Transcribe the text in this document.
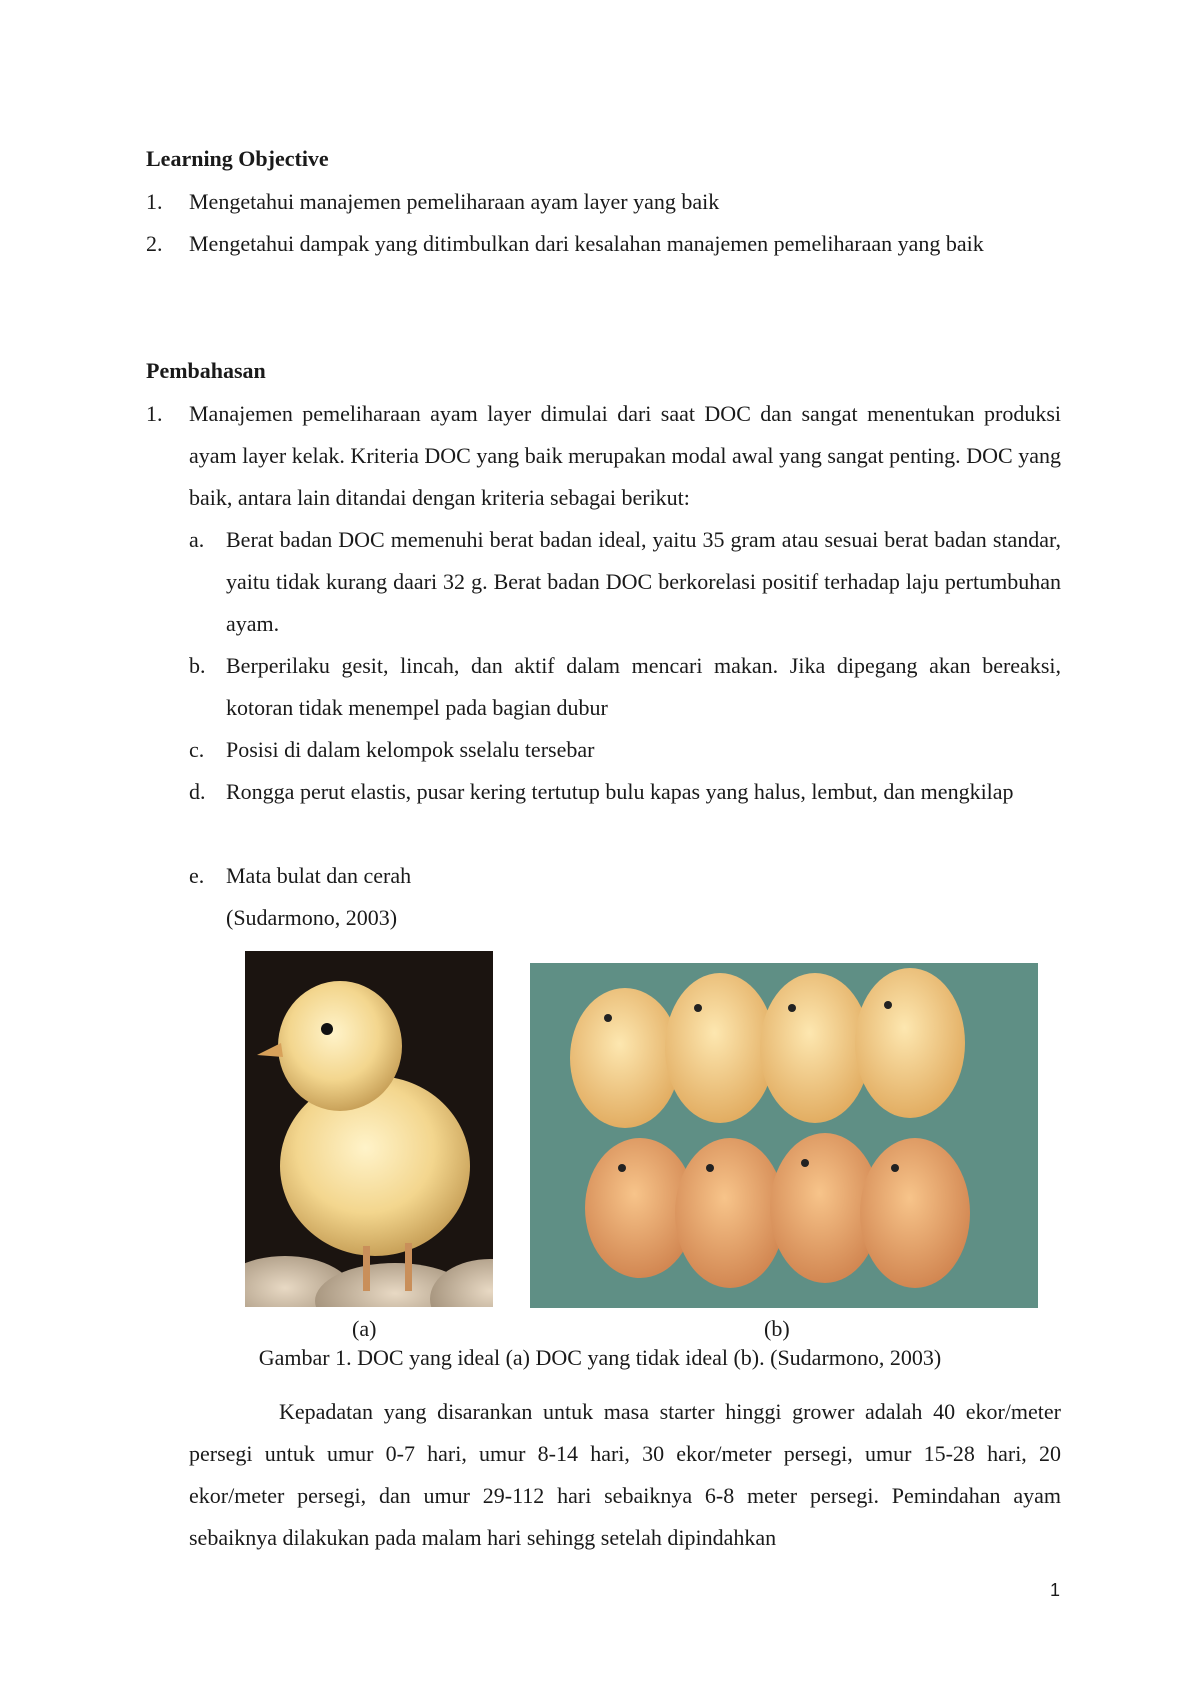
Learning Objective
1. Mengetahui manajemen pemeliharaan ayam layer yang baik
2. Mengetahui dampak yang ditimbulkan dari kesalahan manajemen pemeliharaan yang baik
Pembahasan
1. Manajemen pemeliharaan ayam layer dimulai dari saat DOC dan sangat menentukan produksi ayam layer kelak. Kriteria DOC yang baik merupakan modal awal yang sangat penting. DOC yang baik, antara lain ditandai dengan kriteria sebagai berikut:
a. Berat badan DOC memenuhi berat badan ideal, yaitu 35 gram atau sesuai berat badan standar, yaitu tidak kurang daari 32 g. Berat badan DOC berkorelasi positif terhadap laju pertumbuhan ayam.
b. Berperilaku gesit, lincah, dan aktif dalam mencari makan. Jika dipegang akan bereaksi, kotoran tidak menempel pada bagian dubur
c. Posisi di dalam kelompok sselalu tersebar
d. Rongga perut elastis, pusar kering tertutup bulu kapas yang halus, lembut, dan mengkilap
e. Mata bulat dan cerah
(Sudarmono, 2003)
(a)	(b)
Gambar 1. DOC yang ideal (a) DOC yang tidak ideal (b). (Sudarmono, 2003)
Kepadatan yang disarankan untuk masa starter hinggi grower adalah 40 ekor/meter persegi untuk umur 0-7 hari, umur 8-14 hari, 30 ekor/meter persegi, umur 15-28 hari, 20 ekor/meter persegi, dan umur 29-112 hari sebaiknya 6-8 meter persegi. Pemindahan ayam sebaiknya dilakukan pada malam hari sehingg setelah dipindahkan
1
